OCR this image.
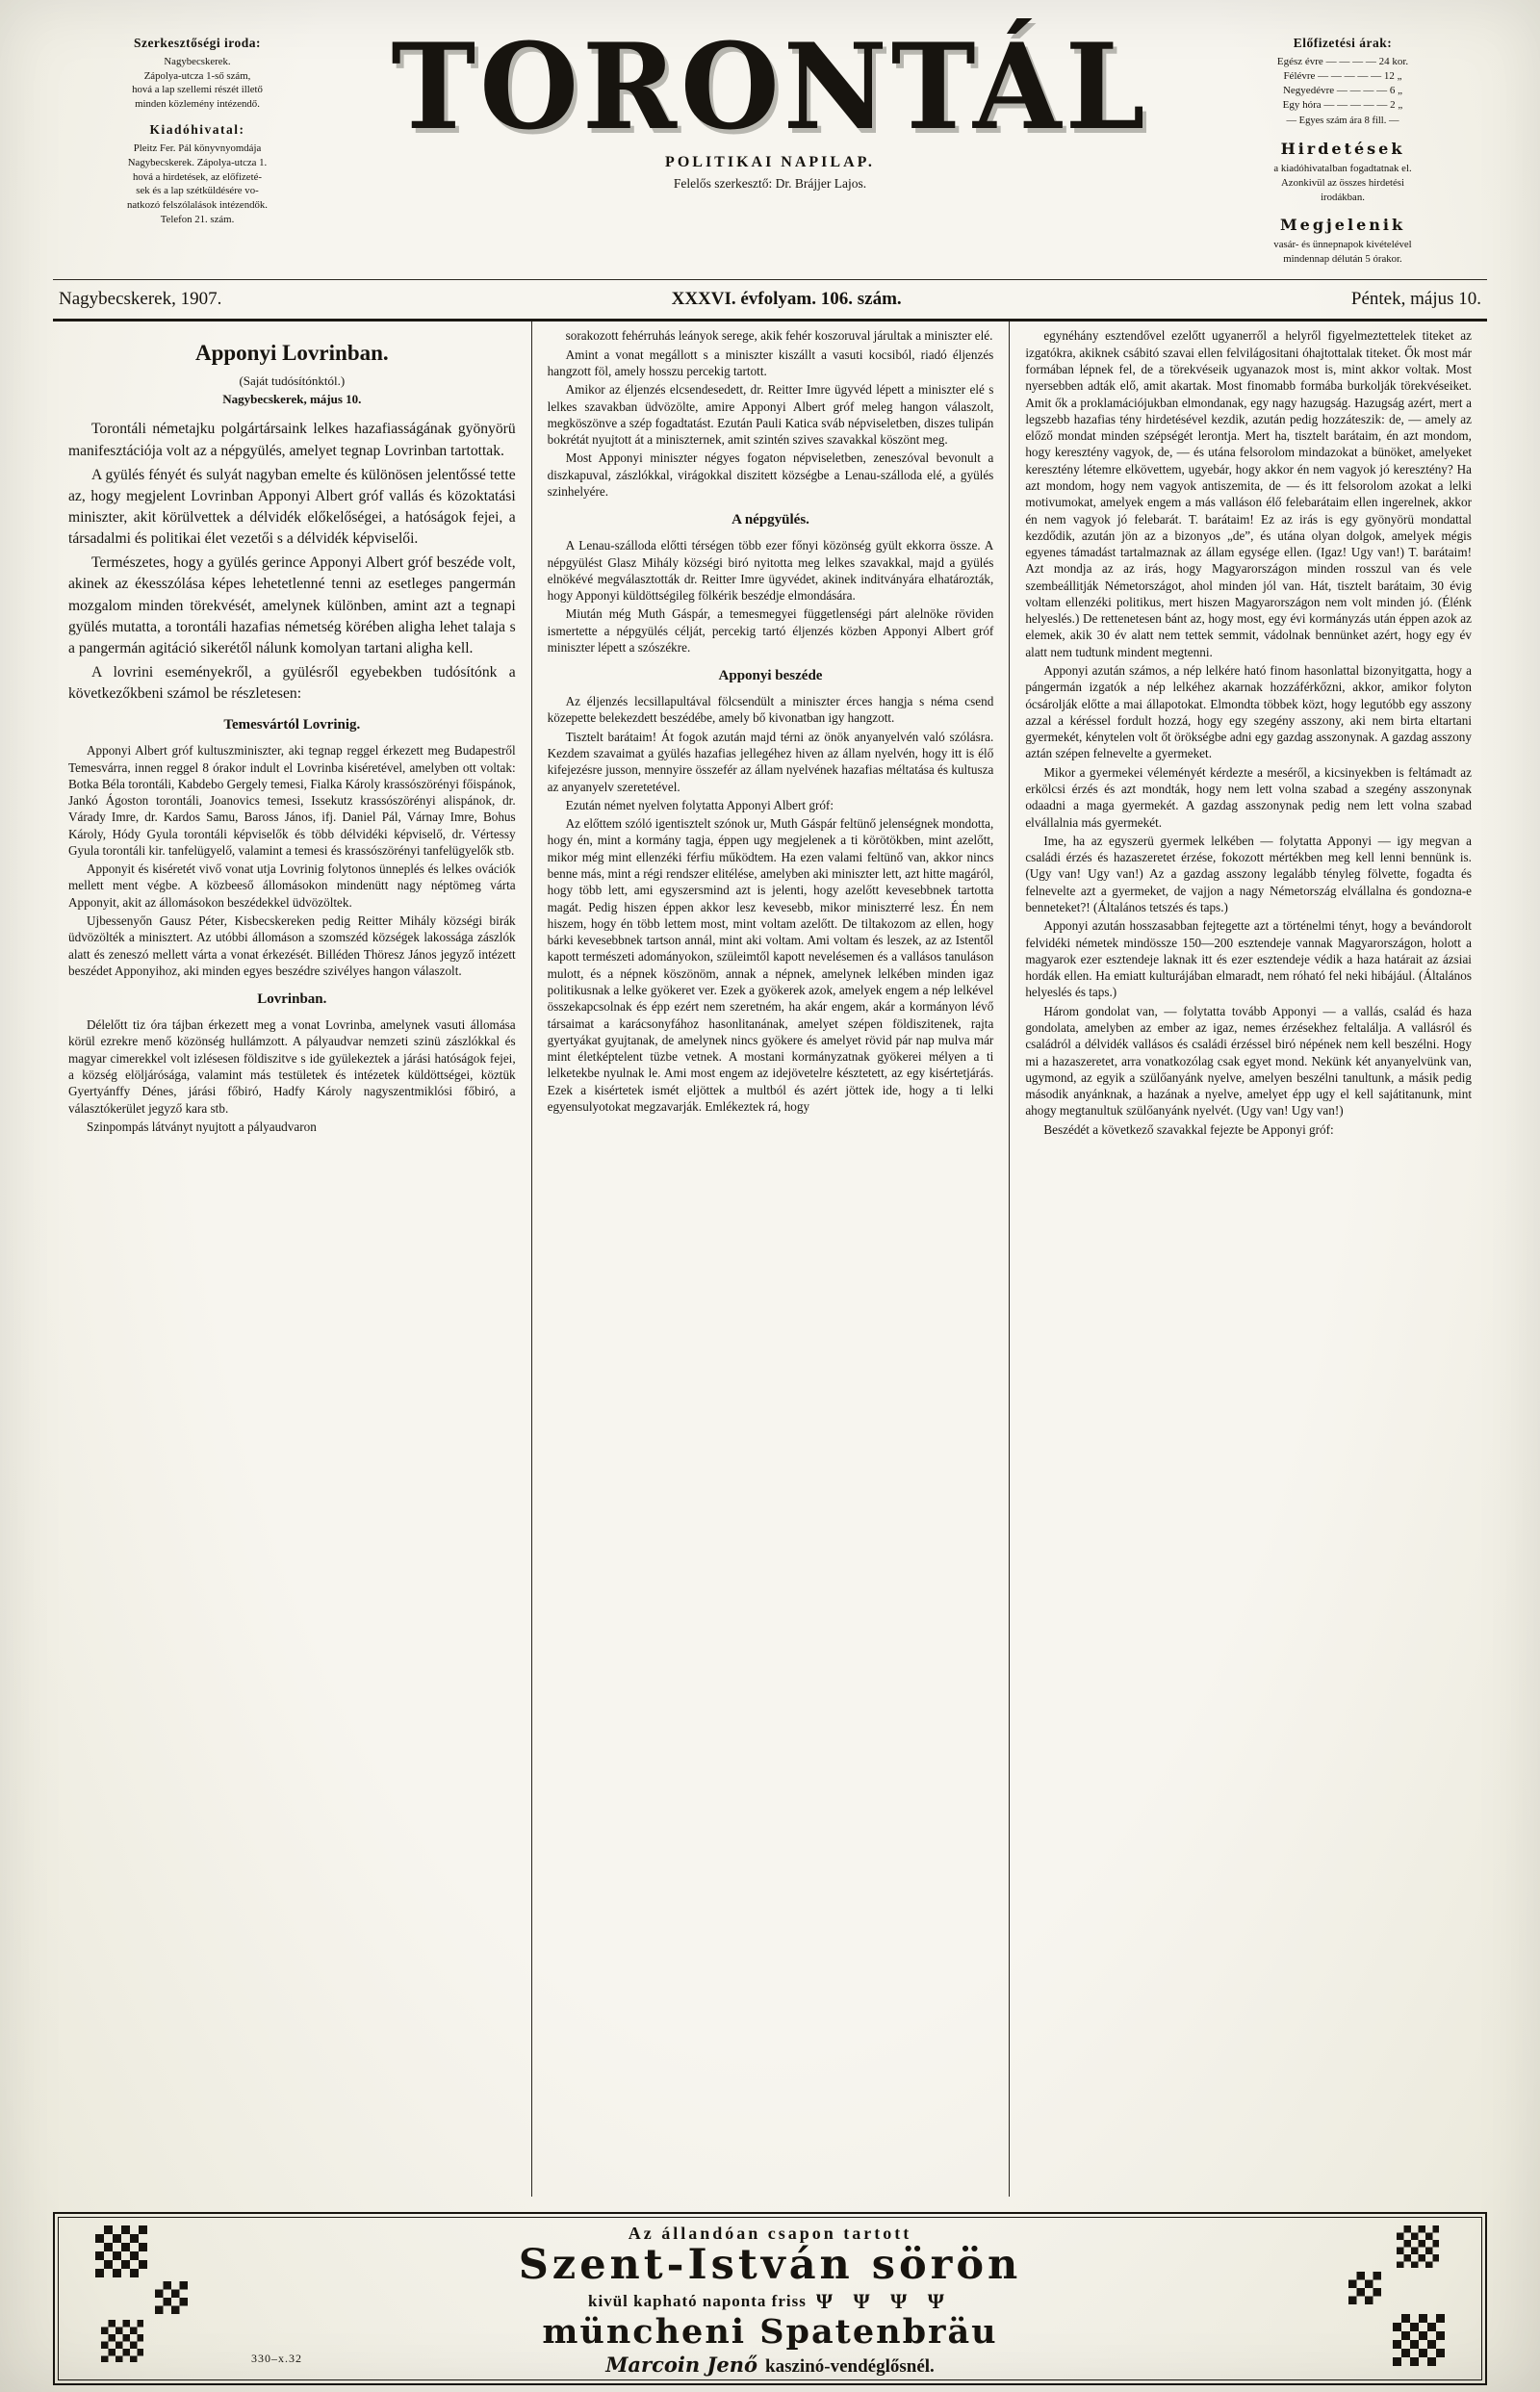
Szerkesztőségi iroda:
Nagybecskerek.
Zápolya-utcza 1-ső szám,
hová a lap szellemi részét illető
minden közlemény intézendő.
Kiadóhivatal:
Pleitz Fer. Pál könyvnyomdája
Nagybecskerek. Zápolya-utcza 1.
hová a hirdetések, az előfizeté-
sek és a lap szétküldésére vo-
natkozó felszólalások intézendők.
Telefon 21. szám.
TORONTÁL
POLITIKAI NAPILAP.
Felelős szerkesztő: Dr. Brájjer Lajos.
Előfizetési árak:
Egész évre — — — — 24 kor.
Félévre — — — — — 12 „
Negyedévre — — — — 6 „
Egy hóra — — — — — 2 „
— Egyes szám ára 8 fill. —
Hirdetések
a kiadóhivatalban fogadtatnak el.
Azonkivül az összes hirdetési
irodákban.
Megjelenik
vasár- és ünnepnapok kivételével
mindennap délután 5 órakor.
Nagybecskerek, 1907.	XXXVI. évfolyam. 106. szám.	Péntek, május 10.
Apponyi Lovrinban.
(Saját tudósítónktól.)
Nagybecskerek, május 10.
Torontáli németajku polgártársaink lelkes hazafiasságának gyönyörü manifesztációja volt az a népgyülés, amelyet tegnap Lovrinban tartottak.
A gyülés fényét és sulyát nagyban emelte és különösen jelentőssé tette az, hogy megjelent Lovrinban Apponyi Albert gróf vallás és közoktatási miniszter, akit körülvettek a délvidék előkelőségei, a hatóságok fejei, a társadalmi és politikai élet vezetői s a délvidék képviselői.
Természetes, hogy a gyülés gerince Apponyi Albert gróf beszéde volt, akinek az ékesszólása képes lehetetlenné tenni az esetleges pangermán mozgalom minden törekvését, amelynek különben, amint azt a tegnapi gyülés mutatta, a torontáli hazafias németség körében aligha lehet talaja s a pangermán agitáció sikerétől nálunk komolyan tartani aligha kell.
A lovrini eseményekről, a gyülésről egyebekben tudósítónk a következőkbeni számol be részletesen:
Temesvártól Lovrinig.
Apponyi Albert gróf kultuszminiszter, aki tegnap reggel érkezett meg Budapestről Temesvárra, innen reggel 8 órakor indult el Lovrinba kiséretével, amelyben ott voltak: Botka Béla torontáli, Kabdebo Gergely temesi, Fialka Károly krassószörényi főispánok, Jankó Ágoston torontáli, Joanovics temesi, Issekutz krassószörényi alispánok, dr. Várady Imre, dr. Kardos Samu, Baross János, ifj. Daniel Pál, Várnay Imre, Bohus Károly, Hódy Gyula torontáli képviselők és több délvidéki képviselő, dr. Vértessy Gyula torontáli kir. tanfelügyelő, valamint a temesi és krassószörényi tanfelügyelők stb.
Apponyit és kiséretét vivő vonat utja Lovrinig folytonos ünneplés és lelkes ovációk mellett ment végbe. A közbeeső állomásokon mindenütt nagy néptömeg várta Apponyit, akit az állomásokon beszédekkel üdvözöltek.
Ujbessenyőn Gausz Péter, Kisbecskereken pedig Reitter Mihály községi birák üdvözölték a minisztert. Az utóbbi állomáson a szomszéd községek lakossága zászlók alatt és zeneszó mellett várta a vonat érkezését. Billéden Thöresz János jegyző intézett beszédet Apponyihoz, aki minden egyes beszédre szivélyes hangon válaszolt.
Lovrinban.
Délelőtt tiz óra tájban érkezett meg a vonat Lovrinba, amelynek vasuti állomása körül ezrekre menő közönség hullámzott. A pályaudvar nemzeti szinü zászlókkal és magyar cimerekkel volt izlésesen földiszitve s ide gyülekeztek a járási hatóságok fejei, a község elöljárósága, valamint más testületek és intézetek küldöttségei, köztük Gyertyánffy Dénes, járási főbiró, Hadfy Károly nagyszentmiklósi főbiró, a választókerület jegyző kara stb.
Szinpompás látványt nyujtott a pályaudvaron
sorakozott fehérruhás leányok serege, akik fehér koszoruval járultak a miniszter elé.
Amint a vonat megállott s a miniszter kiszállt a vasuti kocsiból, riadó éljenzés hangzott föl, amely hosszu percekig tartott.
Amikor az éljenzés elcsendesedett, dr. Reitter Imre ügyvéd lépett a miniszter elé s lelkes szavakban üdvözölte, amire Apponyi Albert gróf meleg hangon válaszolt, megköszönve a szép fogadtatást. Ezután Pauli Katica sváb népviseletben, diszes tulipán bokrétát nyujtott át a miniszternek, amit szintén szives szavakkal köszönt meg.
Most Apponyi miniszter négyes fogaton népviseletben, zeneszóval bevonult a diszkapuval, zászlókkal, virágokkal diszitett községbe a Lenau-szálloda elé, a gyülés szinhelyére.
A népgyülés.
A Lenau-szálloda előtti térségen több ezer főnyi közönség gyült ekkorra össze. A népgyülést Glasz Mihály községi biró nyitotta meg lelkes szavakkal, majd a gyülés elnökévé megválasztották dr. Reitter Imre ügyvédet, akinek inditványára elhatározták, hogy Apponyi küldöttségileg fölkérik beszédje elmondására.
Miután még Muth Gáspár, a temesmegyei függetlenségi párt alelnöke röviden ismertette a népgyülés célját, percekig tartó éljenzés közben Apponyi Albert gróf miniszter lépett a szószékre.
Apponyi beszéde
Az éljenzés lecsillapultával fölcsendült a miniszter érces hangja s néma csend közepette belekezdett beszédébe, amely bő kivonatban igy hangzott.
Tisztelt barátaim! Át fogok azután majd térni az önök anyanyelvén való szólásra. Kezdem szavaimat a gyülés hazafias jellegéhez hiven az állam nyelvén, hogy itt is élő kifejezésre jusson, mennyire összefér az állam nyelvének hazafias méltatása és kultusza az anyanyelv szeretetével.
Ezután német nyelven folytatta Apponyi Albert gróf:
Az előttem szóló igentisztelt szónok ur, Muth Gáspár feltünő jelenségnek mondotta, hogy én, mint a kormány tagja, éppen ugy megjelenek a ti körötökben, mint azelőtt, mikor még mint ellenzéki férfiu működtem. Ha ezen valami feltünő van, akkor nincs benne más, mint a régi rendszer elitélése, amelyben aki miniszter lett, azt hitte magáról, hogy több lett, ami egyszersmind azt is jelenti, hogy azelőtt kevesebbnek tartotta magát. Pedig hiszen éppen akkor lesz kevesebb, mikor miniszterré lesz. Én nem hiszem, hogy én több lettem most, mint voltam azelőtt. De tiltakozom az ellen, hogy bárki kevesebbnek tartson annál, mint aki voltam. Ami voltam és leszek, az az Istentől kapott természeti adományokon, szüleimtől kapott nevelésemen és a vallásos tanuláson mulott, és a népnek köszönöm, annak a népnek, amelynek lelkében minden igaz politikusnak a lelke gyökeret ver. Ezek a gyökerek azok, amelyek engem a nép lelkével összekapcsolnak és épp ezért nem szeretném, ha akár engem, akár a kormányon lévő társaimat a karácsonyfához hasonlitanának, amelyet szépen földiszitenek, rajta gyertyákat gyujtanak, de amelynek nincs gyökere és amelyet rövid pár nap mulva már mint életképtelent tüzbe vetnek. A mostani kormányzatnak gyökerei mélyen a ti lelketekbe nyulnak le. Ami most engem az idejövetelre késztetett, az egy kisértetjárás. Ezek a kisértetek ismét eljöttek a multból és azért jöttek ide, hogy a ti lelki egyensulyotokat megzavarják. Emlékeztek rá, hogy
egynéhány esztendővel ezelőtt ugyanerről a helyről figyelmeztettelek titeket az izgatókra, akiknek csábitó szavai ellen felvilágositani óhajtottalak titeket. Ők most már formában lépnek fel, de a törekvéseik ugyanazok most is, mint akkor voltak. Most nyersebben adták elő, amit akartak. Most finomabb formába burkolják törekvéseiket. Amit ők a proklamációjukban elmondanak, egy nagy hazugság. Hazugság azért, mert a legszebb hazafias tény hirdetésével kezdik, azután pedig hozzáteszik: de, — amely az előző mondat minden szépségét lerontja. Mert ha, tisztelt barátaim, én azt mondom, hogy keresztény vagyok, de, — és utána felsorolom mindazokat a bünöket, amelyeket keresztény létemre elkövettem, ugyebár, hogy akkor én nem vagyok jó keresztény? Ha azt mondom, hogy nem vagyok antiszemita, de — és itt felsorolom azokat a lelki motivumokat, amelyek engem a más valláson élő felebarátaim ellen ingerelnek, akkor én nem vagyok jó felebarát. T. barátaim! Ez az irás is egy gyönyörü mondattal kezdődik, azután jön az a bizonyos „de”, és utána olyan dolgok, amelyek mégis egyenes támadást tartalmaznak az állam egysége ellen. (Igaz! Ugy van!) T. barátaim! Azt mondja az az irás, hogy Magyarországon minden rosszul van és vele szembeállitják Németországot, ahol minden jól van. Hát, tisztelt barátaim, 30 évig voltam ellenzéki politikus, mert hiszen Magyarországon nem volt minden jó. (Élénk helyeslés.) De rettenetesen bánt az, hogy most, egy évi kormányzás után éppen azok az elemek, akik 30 év alatt nem tettek semmit, vádolnak bennünket azért, hogy egy év alatt nem tudtunk mindent megtenni.
Apponyi azután számos, a nép lelkére ható finom hasonlattal bizonyitgatta, hogy a pángermán izgatók a nép lelkéhez akarnak hozzáférkőzni, akkor, amikor folyton ócsárolják előtte a mai állapotokat. Elmondta többek közt, hogy legutóbb egy asszony azzal a kéréssel fordult hozzá, hogy egy szegény asszony, aki nem birta eltartani gyermekét, kénytelen volt őt örökségbe adni egy gazdag asszonynak. A gazdag asszony aztán szépen felnevelte a gyermeket.
Mikor a gyermekei véleményét kérdezte a meséről, a kicsinyekben is feltámadt az erkölcsi érzés és azt mondták, hogy nem lett volna szabad a szegény asszonynak odaadni a maga gyermekét. A gazdag asszonynak pedig nem lett volna szabad elvállalnia más gyermekét.
Ime, ha az egyszerü gyermek lelkében — folytatta Apponyi — igy megvan a családi érzés és hazaszeretet érzése, fokozott mértékben meg kell lenni bennünk is. (Ugy van! Ugy van!) Az a gazdag asszony legalább tényleg fölvette, fogadta és felnevelte azt a gyermeket, de vajjon a nagy Németország elvállalna és gondozna-e benneteket?! (Általános tetszés és taps.)
Apponyi azután hosszasabban fejtegette azt a történelmi tényt, hogy a bevándorolt felvidéki németek mindössze 150—200 esztendeje vannak Magyarországon, holott a magyarok ezer esztendeje laknak itt és ezer esztendeje védik a haza határait az ázsiai hordák ellen. Ha emiatt kulturájában elmaradt, nem róható fel neki hibájául. (Általános helyeslés és taps.)
Három gondolat van, — folytatta tovább Apponyi — a vallás, család és haza gondolata, amelyben az ember az igaz, nemes érzésekhez feltalálja. A vallásról és családról a délvidék vallásos és családi érzéssel biró népének nem kell beszélni. Hogy mi a hazaszeretet, arra vonatkozólag csak egyet mond. Nekünk két anyanyelvünk van, ugymond, az egyik a szülőanyánk nyelve, amelyen beszélni tanultunk, a másik pedig második anyánknak, a hazának a nyelve, amelyet épp ugy el kell sajátitanunk, mint ahogy megtanultuk szülőanyánk nyelvét. (Ugy van! Ugy van!)
Beszédét a következő szavakkal fejezte be Apponyi gróf:
Az állandóan csapon tartott
Szent-István sörön
kivül kapható naponta friss Ψ Ψ Ψ Ψ
müncheni Spatenbräu
Marcoin Jenő kaszinó-vendéglősnél.
330–x.32
